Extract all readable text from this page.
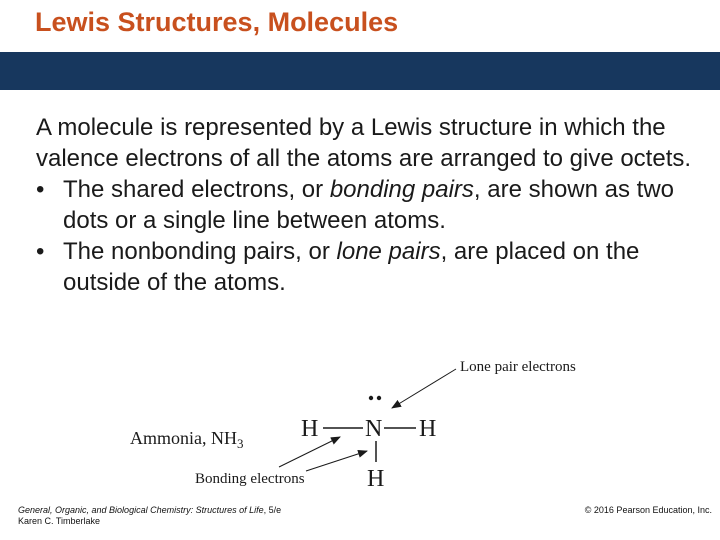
Lewis Structures, Molecules
A molecule is represented by a Lewis structure in which the valence electrons of all the atoms are arranged to give octets.
• The shared electrons, or bonding pairs, are shown as two dots or a single line between atoms.
• The nonbonding pairs, or lone pairs, are placed on the outside of the atoms.
Lone pair electrons
Ammonia, $NH_3$
H N H
H
Bonding electrons
General, Organic, and Biological Chemistry: Structures of Life, 5/e
Karen C. Timberlake
© 2016 Pearson Education, Inc.
